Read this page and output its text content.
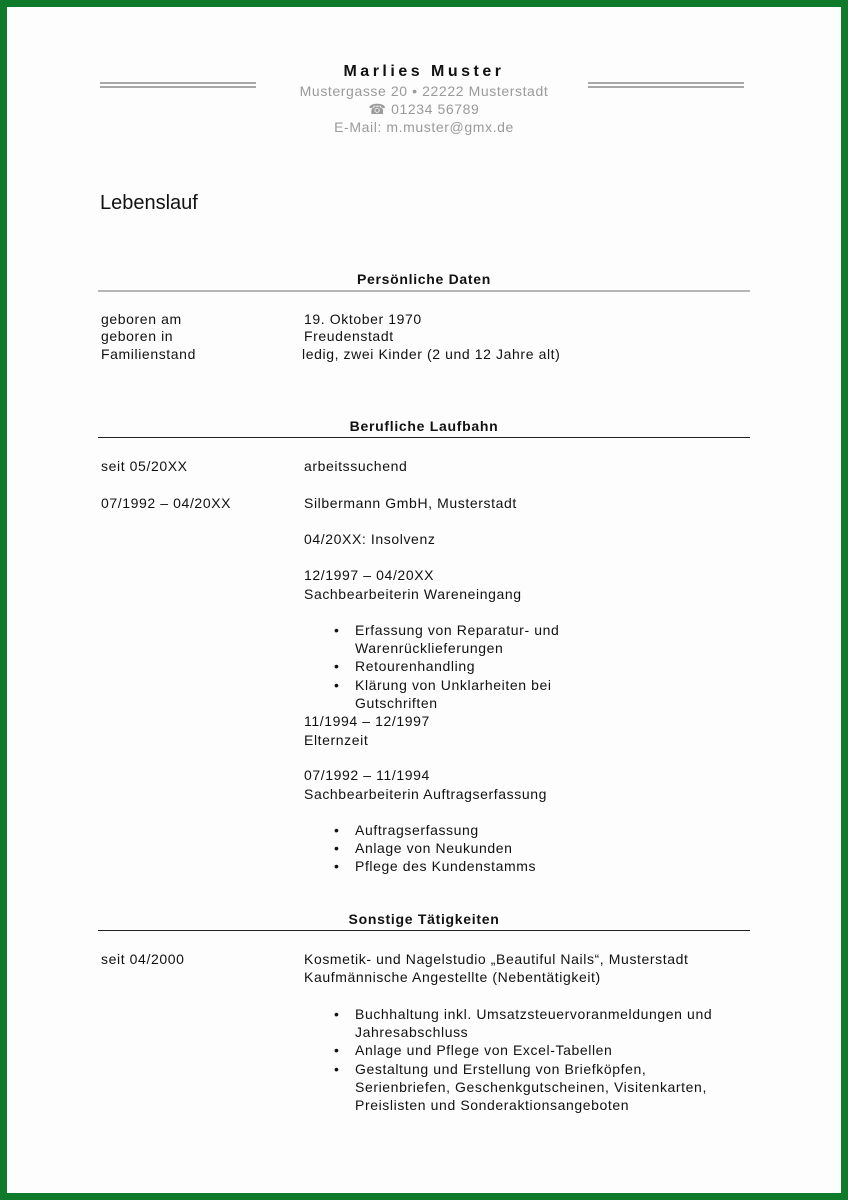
Marlies Muster
Mustergasse 20 • 22222 Musterstadt
☎ 01234 56789
E-Mail: m.muster@gmx.de
Lebenslauf
Persönliche Daten
geboren am	19. Oktober 1970
geboren in	Freudenstadt
Familienstand	ledig, zwei Kinder (2 und 12 Jahre alt)
Berufliche Laufbahn
seit 05/20XX	arbeitssuchend
07/1992 – 04/20XX	Silbermann GmbH, Musterstadt
04/20XX: Insolvenz
12/1997 – 04/20XX
Sachbearbeiterin Wareneingang
• Erfassung von Reparatur- und Warenrücklieferungen
• Retourenhandling
• Klärung von Unklarheiten bei Gutschriften
11/1994 – 12/1997
Elternzeit
07/1992 – 11/1994
Sachbearbeiterin Auftragserfassung
• Auftragserfassung
• Anlage von Neukunden
• Pflege des Kundenstamms
Sonstige Tätigkeiten
seit 04/2000	Kosmetik- und Nagelstudio „Beautiful Nails“, Musterstadt
Kaufmännische Angestellte (Nebentätigkeit)
• Buchhaltung inkl. Umsatzsteuervoranmeldungen und Jahresabschluss
• Anlage und Pflege von Excel-Tabellen
• Gestaltung und Erstellung von Briefköpfen, Serienbriefen, Geschenkgutscheinen, Visitenkarten, Preislisten und Sonderaktionsangeboten
